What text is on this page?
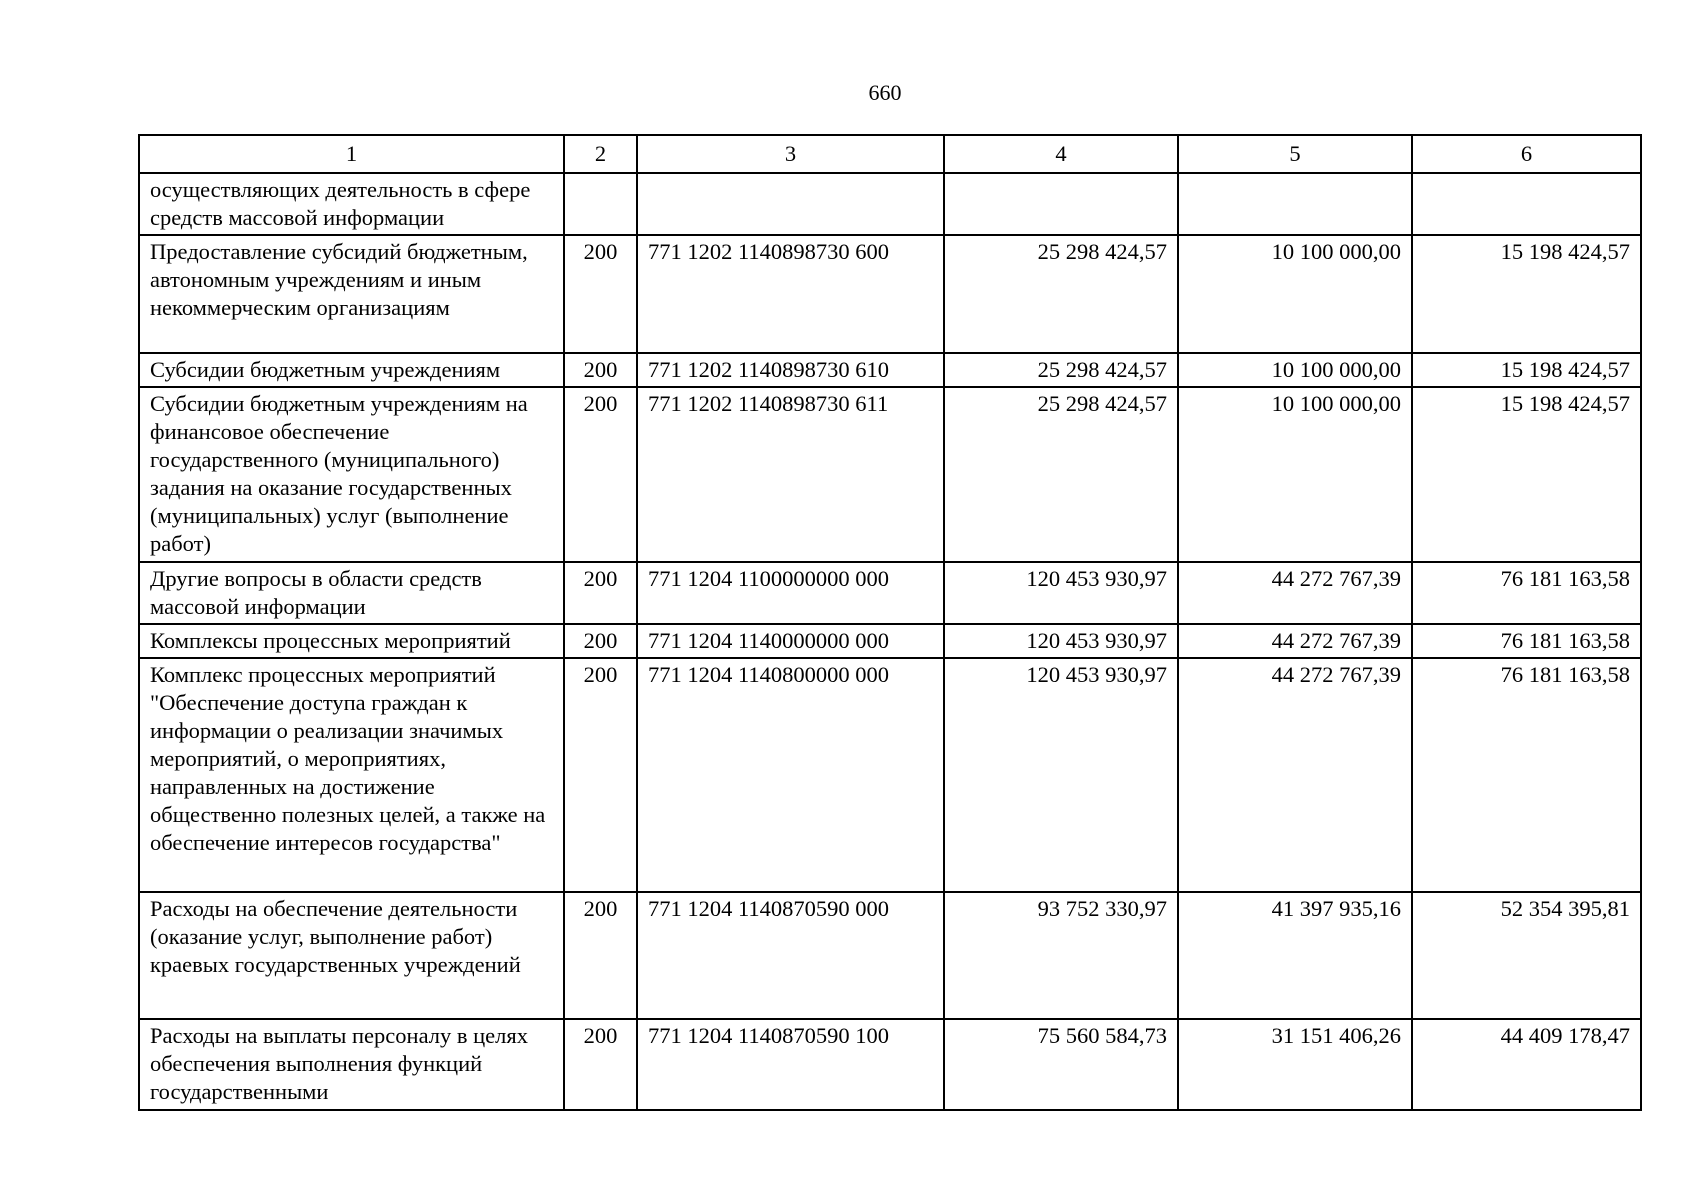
660
1	2	3	4	5	6
осуществляющих деятельность в сфере средств массовой информации					
Предоставление субсидий бюджетным, автономным учреждениям и иным некоммерческим организациям	200	771 1202 1140898730 600	25 298 424,57	10 100 000,00	15 198 424,57
Субсидии бюджетным учреждениям	200	771 1202 1140898730 610	25 298 424,57	10 100 000,00	15 198 424,57
Субсидии бюджетным учреждениям на финансовое обеспечение государственного (муниципального) задания на оказание государственных (муниципальных) услуг (выполнение работ)	200	771 1202 1140898730 611	25 298 424,57	10 100 000,00	15 198 424,57
Другие вопросы в области средств массовой информации	200	771 1204 1100000000 000	120 453 930,97	44 272 767,39	76 181 163,58
Комплексы процессных мероприятий	200	771 1204 1140000000 000	120 453 930,97	44 272 767,39	76 181 163,58
Комплекс процессных мероприятий "Обеспечение доступа граждан к информации о реализации значимых мероприятий, о мероприятиях, направленных на достижение общественно полезных целей, а также на обеспечение интересов государства"	200	771 1204 1140800000 000	120 453 930,97	44 272 767,39	76 181 163,58
Расходы на обеспечение деятельности (оказание услуг, выполнение работ) краевых государственных учреждений	200	771 1204 1140870590 000	93 752 330,97	41 397 935,16	52 354 395,81
Расходы на выплаты персоналу в целях обеспечения выполнения функций государственными	200	771 1204 1140870590 100	75 560 584,73	31 151 406,26	44 409 178,47
